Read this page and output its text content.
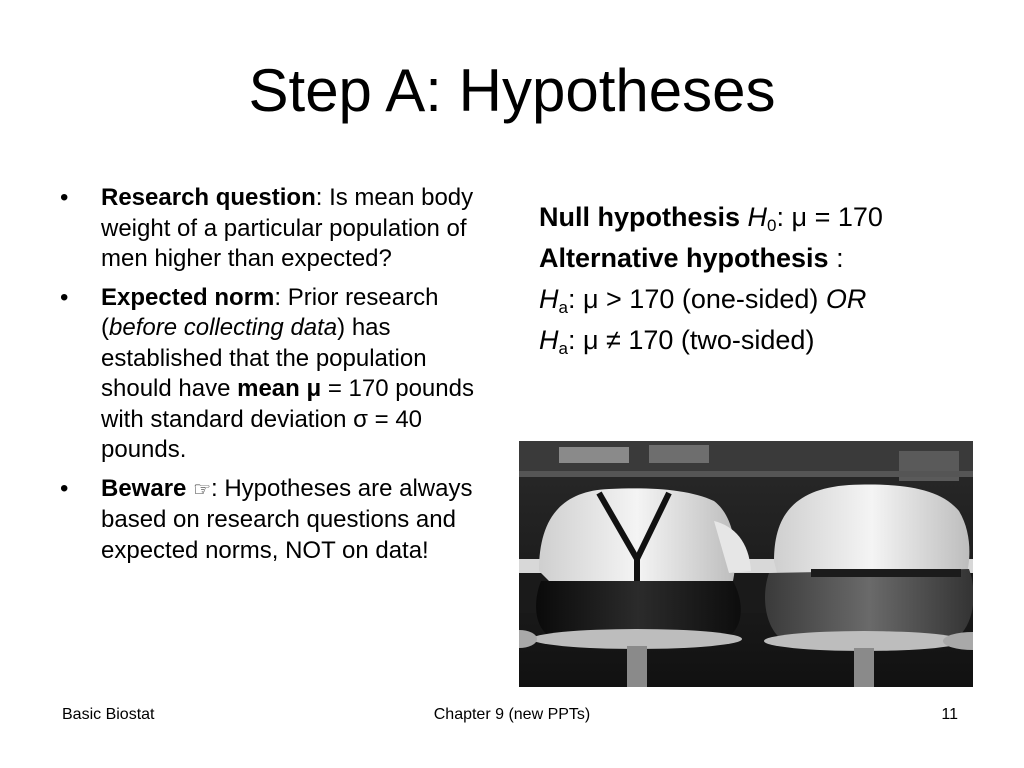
Step A: Hypotheses
• Research question: Is mean body weight of a particular population of men higher than expected?
• Expected norm: Prior research (before collecting data) has established that the population should have mean μ = 170 pounds with standard deviation σ = 40 pounds.
• Beware ☞: Hypotheses are always based on research questions and expected norms, NOT on data!
Null hypothesis $H_0$: μ = 170
Alternative hypothesis :
$H_a$: μ > 170 (one-sided) OR
$H_a$: μ ≠ 170 (two-sided)
Basic Biostat	Chapter 9 (new PPTs)	11
